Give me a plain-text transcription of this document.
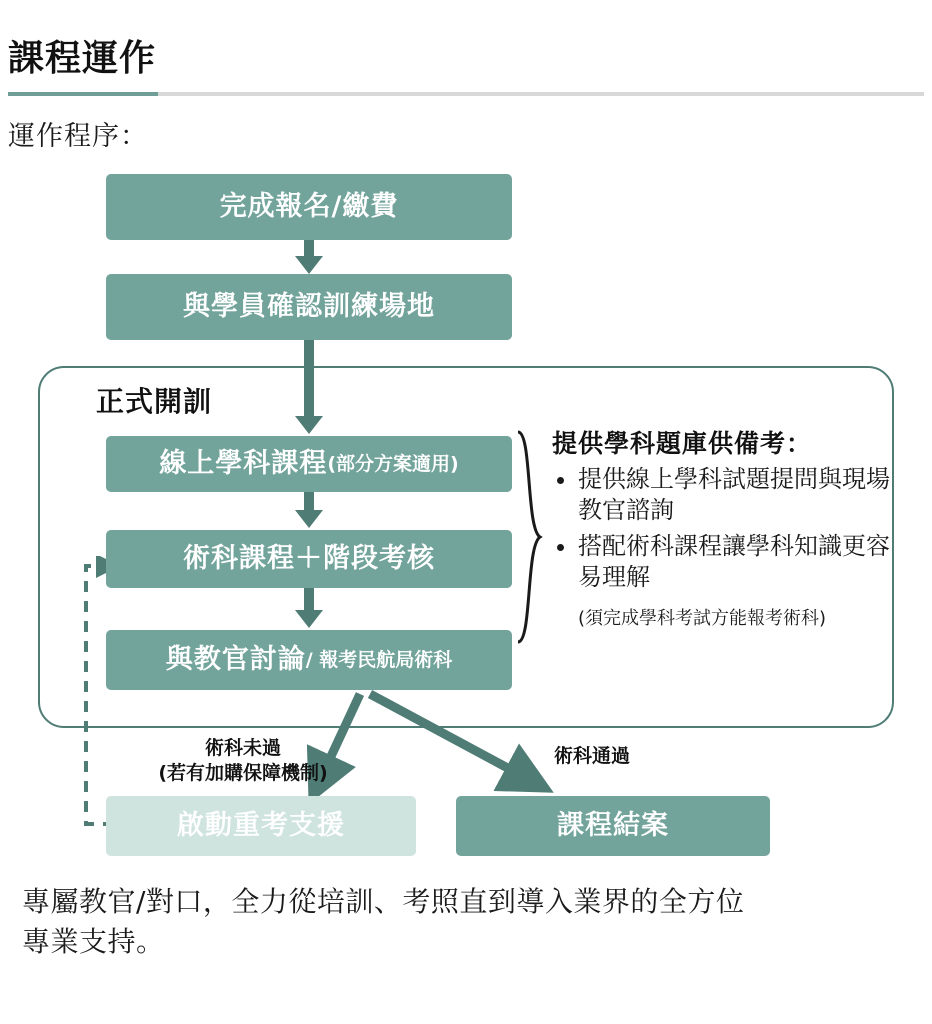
課程運作
運作程序：
正式開訓
完成報名/繳費
與學員確認訓練場地
線上學科課程 (部分方案適用)
術科課程＋階段考核
與教官討論 / 報考民航局術科
啟動重考支援	課程結案
術科未過
(若有加購保障機制)
術科通過
提供學科題庫供備考：
• 提供線上學科試題提問與現場教官諮詢
• 搭配術科課程讓學科知識更容易理解
(須完成學科考試方能報考術科)
專屬教官/對口，全力從培訓、考照直到導入業界的全方位
專業支持。
